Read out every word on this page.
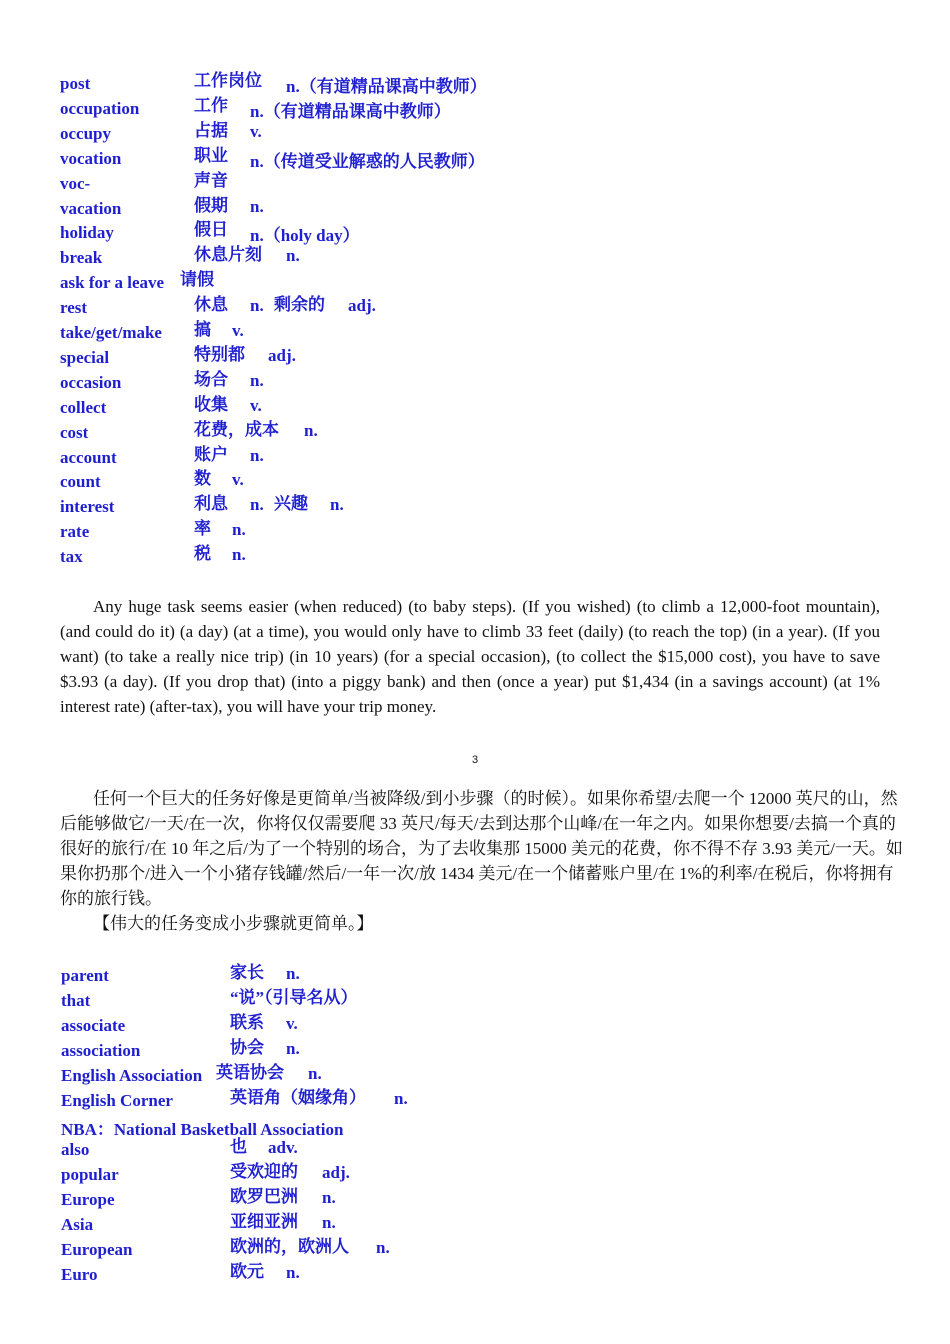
post	工作岗位 n.（有道精品课高中教师）
occupation	工作 n.（有道精品课高中教师）
occupy	占据 v.
vocation	职业 n.（传道受业解惑的人民教师）
voc-	声音
vacation	假期 n.
holiday	假日 n.（holy day）
break	休息片刻 n.
ask for a leave 请假
rest	休息 n. 剩余的 adj.
take/get/make 搞 v.
special	特别都 adj.
occasion	场合 n.
collect	收集 v.
cost	花费，成本 n.
account	账户 n.
count	数 v.
interest	利息 n. 兴趣 n.
rate	率 n.
tax	税 n.

Any huge task seems easier (when reduced) (to baby steps). (If you wished) (to climb a 12,000-foot mountain), (and could do it) (a day) (at a time), you would only have to climb 33 feet (daily) (to reach the top) (in a year). (If you want) (to take a really nice trip) (in 10 years) (for a special occasion), (to collect the $15,000 cost), you have to save $3.93 (a day). (If you drop that) (into a piggy bank) and then (once a year) put $1,434 (in a savings account) (at 1% interest rate) (after-tax), you will have your trip money.

3

任何一个巨大的任务好像是更简单/当被降级/到小步骤（的时候）。如果你希望/去爬一个 12000 英尺的山，然后能够做它/一天/在一次，你将仅仅需要爬 33 英尺/每天/去到达那个山峰/在一年之内。如果你想要/去搞一个真的很好的旅行/在 10 年之后/为了一个特别的场合，为了去收集那 15000 美元的花费，你不得不存 3.93 美元/一天。如果你扔那个/进入一个小猪存钱罐/然后/一年一次/放 1434 美元/在一个储蓄账户里/在 1%的利率/在税后，你将拥有你的旅行钱。

【伟大的任务变成小步骤就更简单。】

parent	家长 n.
that	“说”（引导名从）
associate	联系 v.
association	协会 n.
English Association 英语协会 n.
English Corner	英语角（姻缘角） n.
NBA：National Basketball Association
also	也 adv.
popular	受欢迎的 adj.
Europe	欧罗巴洲 n.
Asia	亚细亚洲 n.
European	欧洲的，欧洲人 n.
Euro	欧元 n.
